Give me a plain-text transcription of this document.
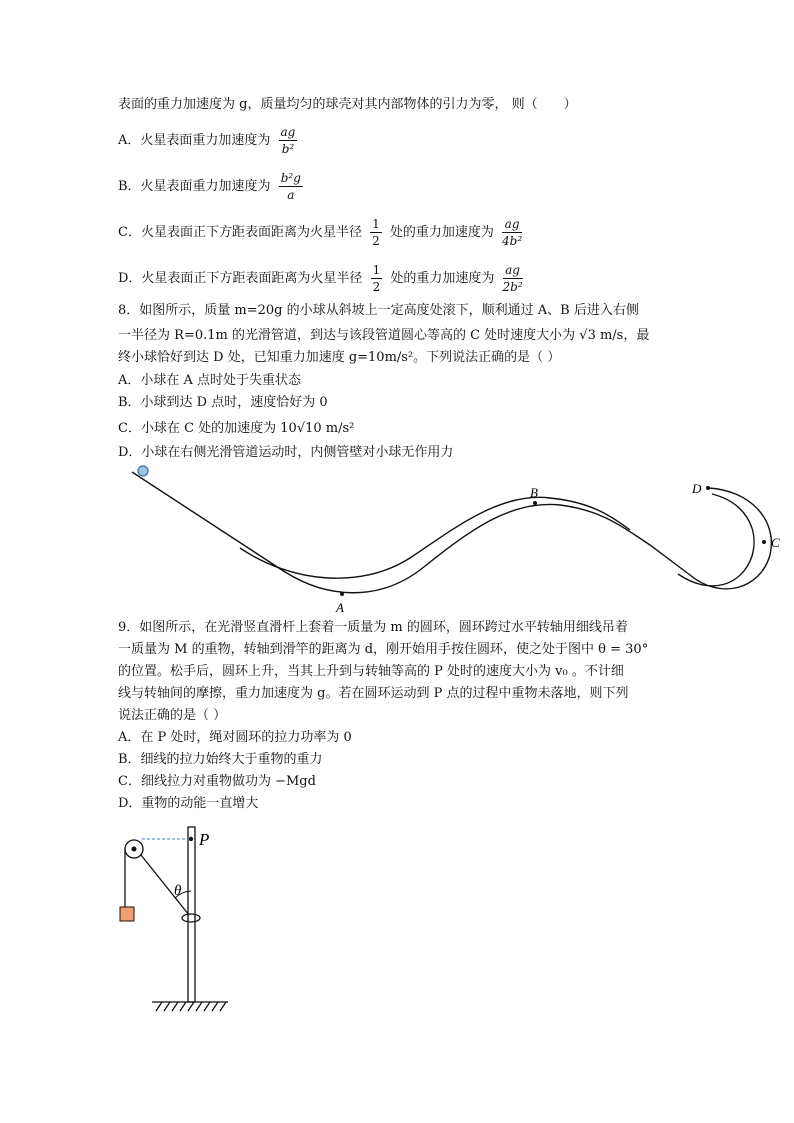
表面的重力加速度为 g，质量均匀的球壳对其内部物体的引力为零， 则（　　）
A．火星表面重力加速度为 $\frac{ag}{\text{b²}}$
B．火星表面重力加速度为 $\frac{\text{b²g}}{a}$
C．火星表面正下方距表面距离为火星半径 $\frac{1}{2}$ 处的重力加速度为 $\frac{ag}{\text{4b²}}$
D．火星表面正下方距表面距离为火星半径 $\frac{1}{2}$ 处的重力加速度为 $\frac{ag}{\text{2b²}}$
8．如图所示，质量 m=20g 的小球从斜坡上一定高度处滚下，顺利通过 A、B 后进入右侧
一半径为 R=0.1m 的光滑管道，到达与该段管道圆心等高的 C 处时速度大小为 √3 m/s，最
终小球恰好到达 D 处，已知重力加速度 g=10m/s²。下列说法正确的是（ ）
A．小球在 A 点时处于失重状态
B．小球到达 D 点时，速度恰好为 0
C．小球在 C 处的加速度为 10√10 m/s²
D．小球在右侧光滑管道运动时，内侧管壁对小球无作用力
A
B
C
D
9．如图所示，在光滑竖直滑杆上套着一质量为 m 的圆环，圆环跨过水平转轴用细线吊着
一质量为 M 的重物，转轴到滑竿的距离为 d，刚开始用手按住圆环，使之处于图中 θ = 30°
的位置。松手后，圆环上升，当其上升到与转轴等高的 P 处时的速度大小为 v₀ 。不计细
线与转轴间的摩擦，重力加速度为 g。若在圆环运动到 P 点的过程中重物未落地，则下列
说法正确的是（ ）
A．在 P 处时，绳对圆环的拉力功率为 0
B．细线的拉力始终大于重物的重力
C．细线拉力对重物做功为 −Mgd
D．重物的动能一直增大
P
θ
